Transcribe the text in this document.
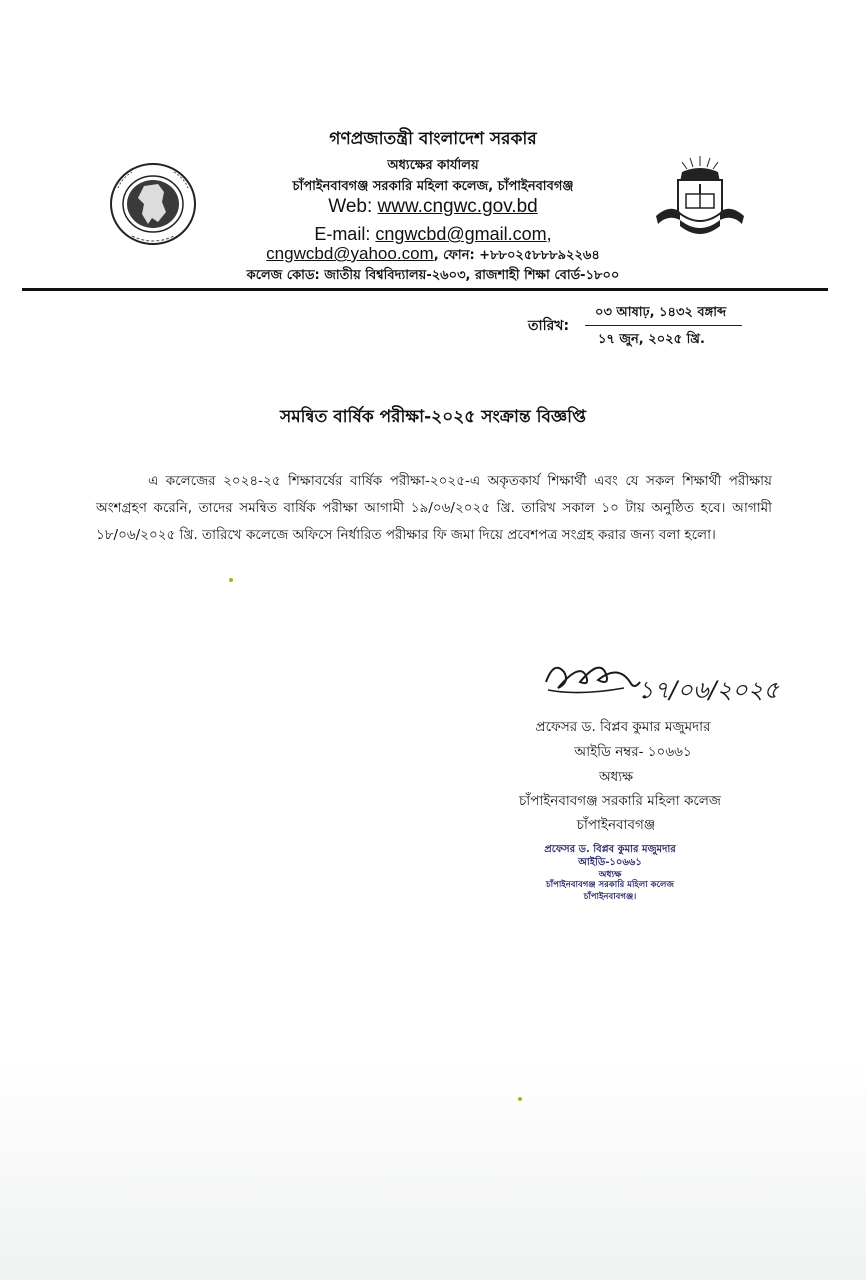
গণপ্রজাতন্ত্রী বাংলাদেশ সরকার
অধ্যক্ষের কার্যালয়
চাঁপাইনবাবগঞ্জ সরকারি মহিলা কলেজ, চাঁপাইনবাবগঞ্জ
Web: www.cngwc.gov.bd
E-mail: cngwcbd@gmail.com,
cngwcbd@yahoo.com, ফোন: +৮৮০২৫৮৮৮৯২২৬৪
কলেজ কোড: জাতীয় বিশ্ববিদ্যালয়-২৬০৩, রাজশাহী শিক্ষা বোর্ড-১৮০০
তারিখ:
০৩ আষাঢ়, ১৪৩২ বঙ্গাব্দ
১৭ জুন, ২০২৫ খ্রি.
সমন্বিত বার্ষিক পরীক্ষা-২০২৫ সংক্রান্ত বিজ্ঞপ্তি
এ কলেজের ২০২৪-২৫ শিক্ষাবর্ষের বার্ষিক পরীক্ষা-২০২৫-এ অকৃতকার্য শিক্ষার্থী এবং যে সকল শিক্ষার্থী পরীক্ষায় অংশগ্রহণ করেনি, তাদের সমন্বিত বার্ষিক পরীক্ষা আগামী ১৯/০৬/২০২৫ খ্রি. তারিখ সকাল ১০ টায় অনুষ্ঠিত হবে। আগামী ১৮/০৬/২০২৫ খ্রি. তারিখে কলেজে অফিসে নির্ধারিত পরীক্ষার ফি জমা দিয়ে প্রবেশপত্র সংগ্রহ করার জন্য বলা হলো।
১৭/০৬/২০২৫
প্রফেসর ড. বিপ্লব কুমার মজুমদার
আইডি নম্বর- ১০৬৬১
অধ্যক্ষ
চাঁপাইনবাবগঞ্জ সরকারি মহিলা কলেজ
চাঁপাইনবাবগঞ্জ
প্রফেসর ড. বিপ্লব কুমার মজুমদার
আইডি-১০৬৬১
অধ্যক্ষ
চাঁপাইনবাবগঞ্জ সরকারি মহিলা কলেজ
চাঁপাইনবাবগঞ্জ।
